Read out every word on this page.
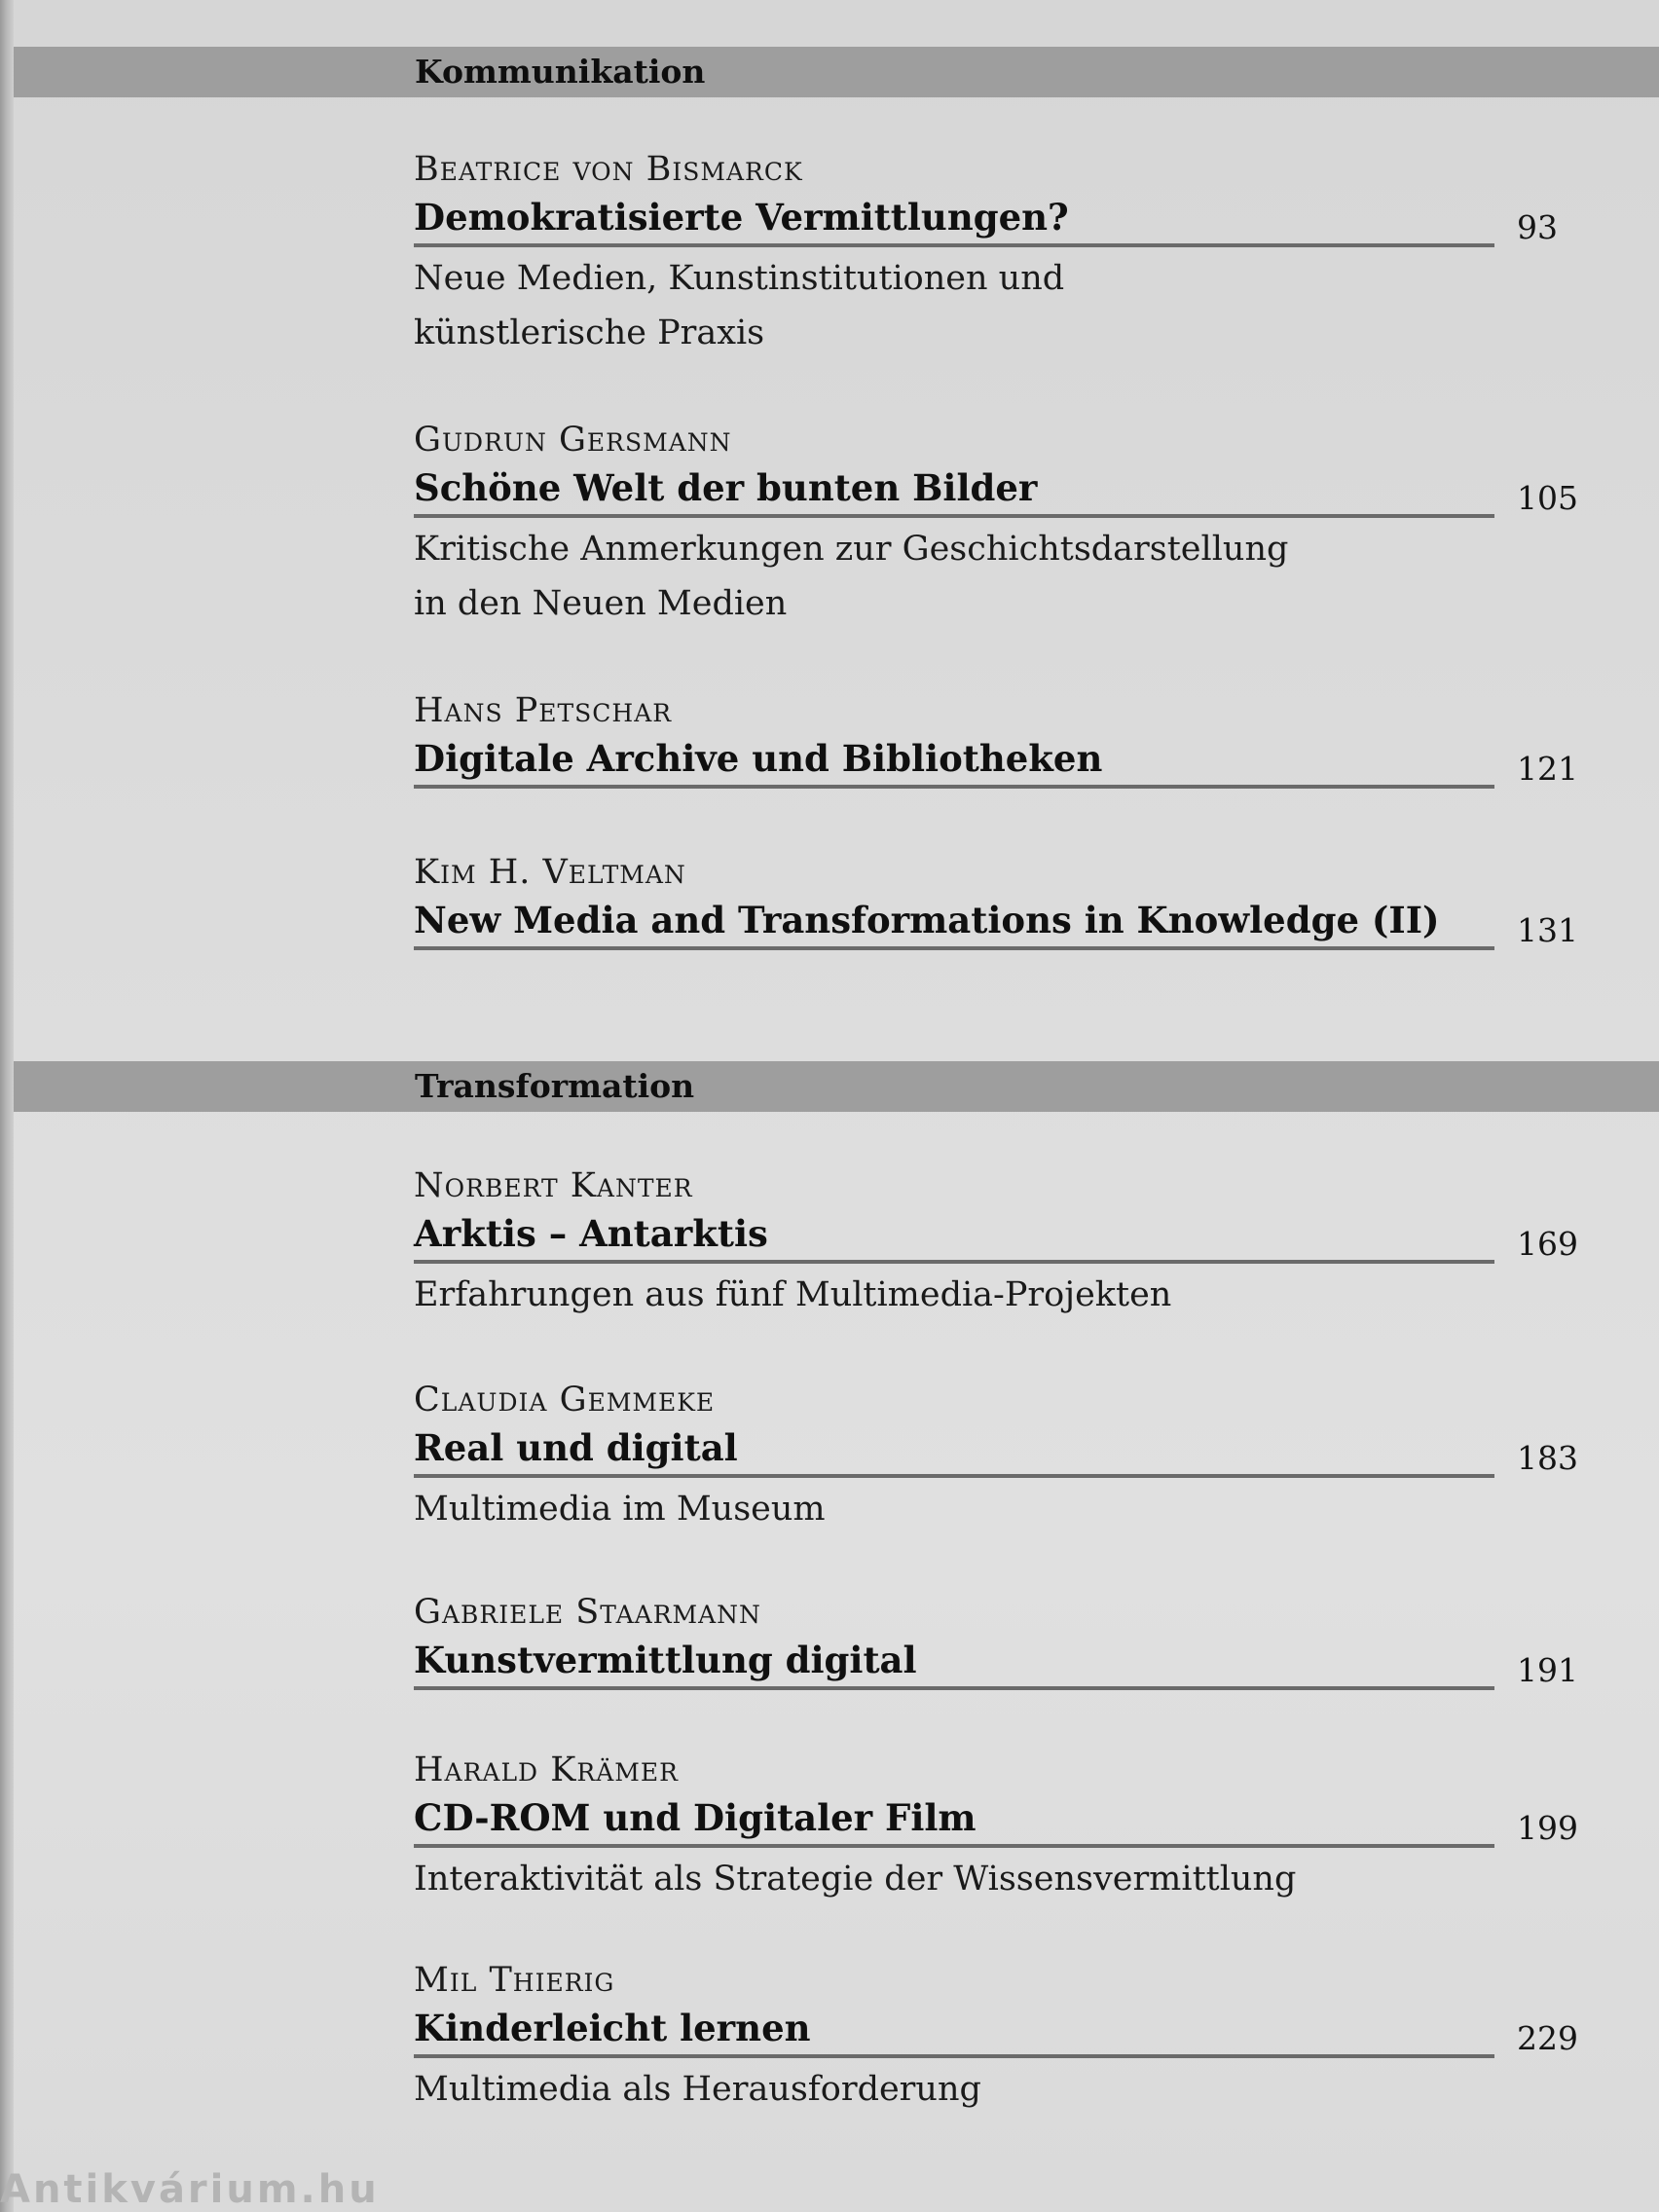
Kommunikation
Beatrice von Bismarck
Demokratisierte Vermittlungen?	93
Neue Medien, Kunstinstitutionen und
künstlerische Praxis
Gudrun Gersmann
Schöne Welt der bunten Bilder	105
Kritische Anmerkungen zur Geschichtsdarstellung
in den Neuen Medien
Hans Petschar
Digitale Archive und Bibliotheken	121
Kim H. Veltman
New Media and Transformations in Knowledge (II) 131
Transformation
Norbert Kanter
Arktis – Antarktis	169
Erfahrungen aus fünf Multimedia-Projekten
Claudia Gemmeke
Real und digital	183
Multimedia im Museum
Gabriele Staarmann
Kunstvermittlung digital	191
Harald Krämer
CD-ROM und Digitaler Film	199
Interaktivität als Strategie der Wissensvermittlung
Mil Thierig
Kinderleicht lernen	229
Multimedia als Herausforderung
Antikvárium.hu
